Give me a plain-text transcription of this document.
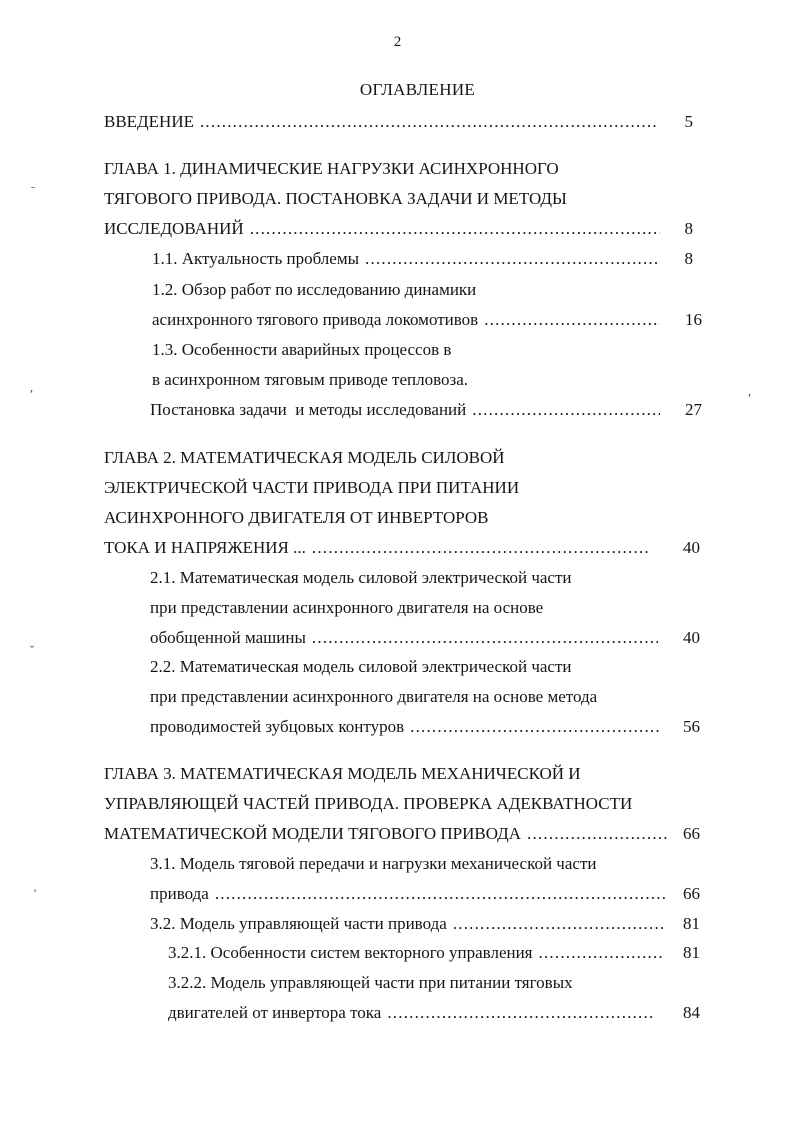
2
ОГЛАВЛЕНИЕ
ВВЕДЕНИЕ .....	5
ГЛАВА 1. ДИНАМИЧЕСКИЕ НАГРУЗКИ АСИНХРОННОГО
ТЯГОВОГО ПРИВОДА. ПОСТАНОВКА ЗАДАЧИ И МЕТОДЫ
ИССЛЕДОВАНИЙ .....	8
1.1. Актуальность проблемы .....	8
1.2. Обзор работ по исследованию динамики
асинхронного тягового привода локомотивов .....	16
1.3. Особенности аварийных процессов в
в асинхронном тяговым приводе тепловоза.
Постановка задачи  и методы исследований .....	27
ГЛАВА 2. МАТЕМАТИЧЕСКАЯ МОДЕЛЬ СИЛОВОЙ
ЭЛЕКТРИЧЕСКОЙ ЧАСТИ ПРИВОДА ПРИ ПИТАНИИ
АСИНХРОННОГО ДВИГАТЕЛЯ ОТ ИНВЕРТОРОВ
ТОКА И НАПРЯЖЕНИЯ ... .....	40
2.1. Математическая модель силовой электрической части
при представлении асинхронного двигателя на основе
обобщенной машины .....	40
2.2. Математическая модель силовой электрической части
при представлении асинхронного двигателя на основе метода
проводимостей зубцовых контуров .....	56
ГЛАВА 3. МАТЕМАТИЧЕСКАЯ МОДЕЛЬ МЕХАНИЧЕСКОЙ И
УПРАВЛЯЮЩЕЙ ЧАСТЕЙ ПРИВОДА. ПРОВЕРКА АДЕКВАТНОСТИ
МАТЕМАТИЧЕСКОЙ МОДЕЛИ ТЯГОВОГО ПРИВОДА .....	66
3.1. Модель тяговой передачи и нагрузки механической части
привода .....	66
3.2. Модель управляющей части привода .....	81
3.2.1. Особенности систем векторного управления .....	81
3.2.2. Модель управляющей части при питании тяговых
двигателей от инвертора тока .....	84
ˉ
,
ˇ
'
,
